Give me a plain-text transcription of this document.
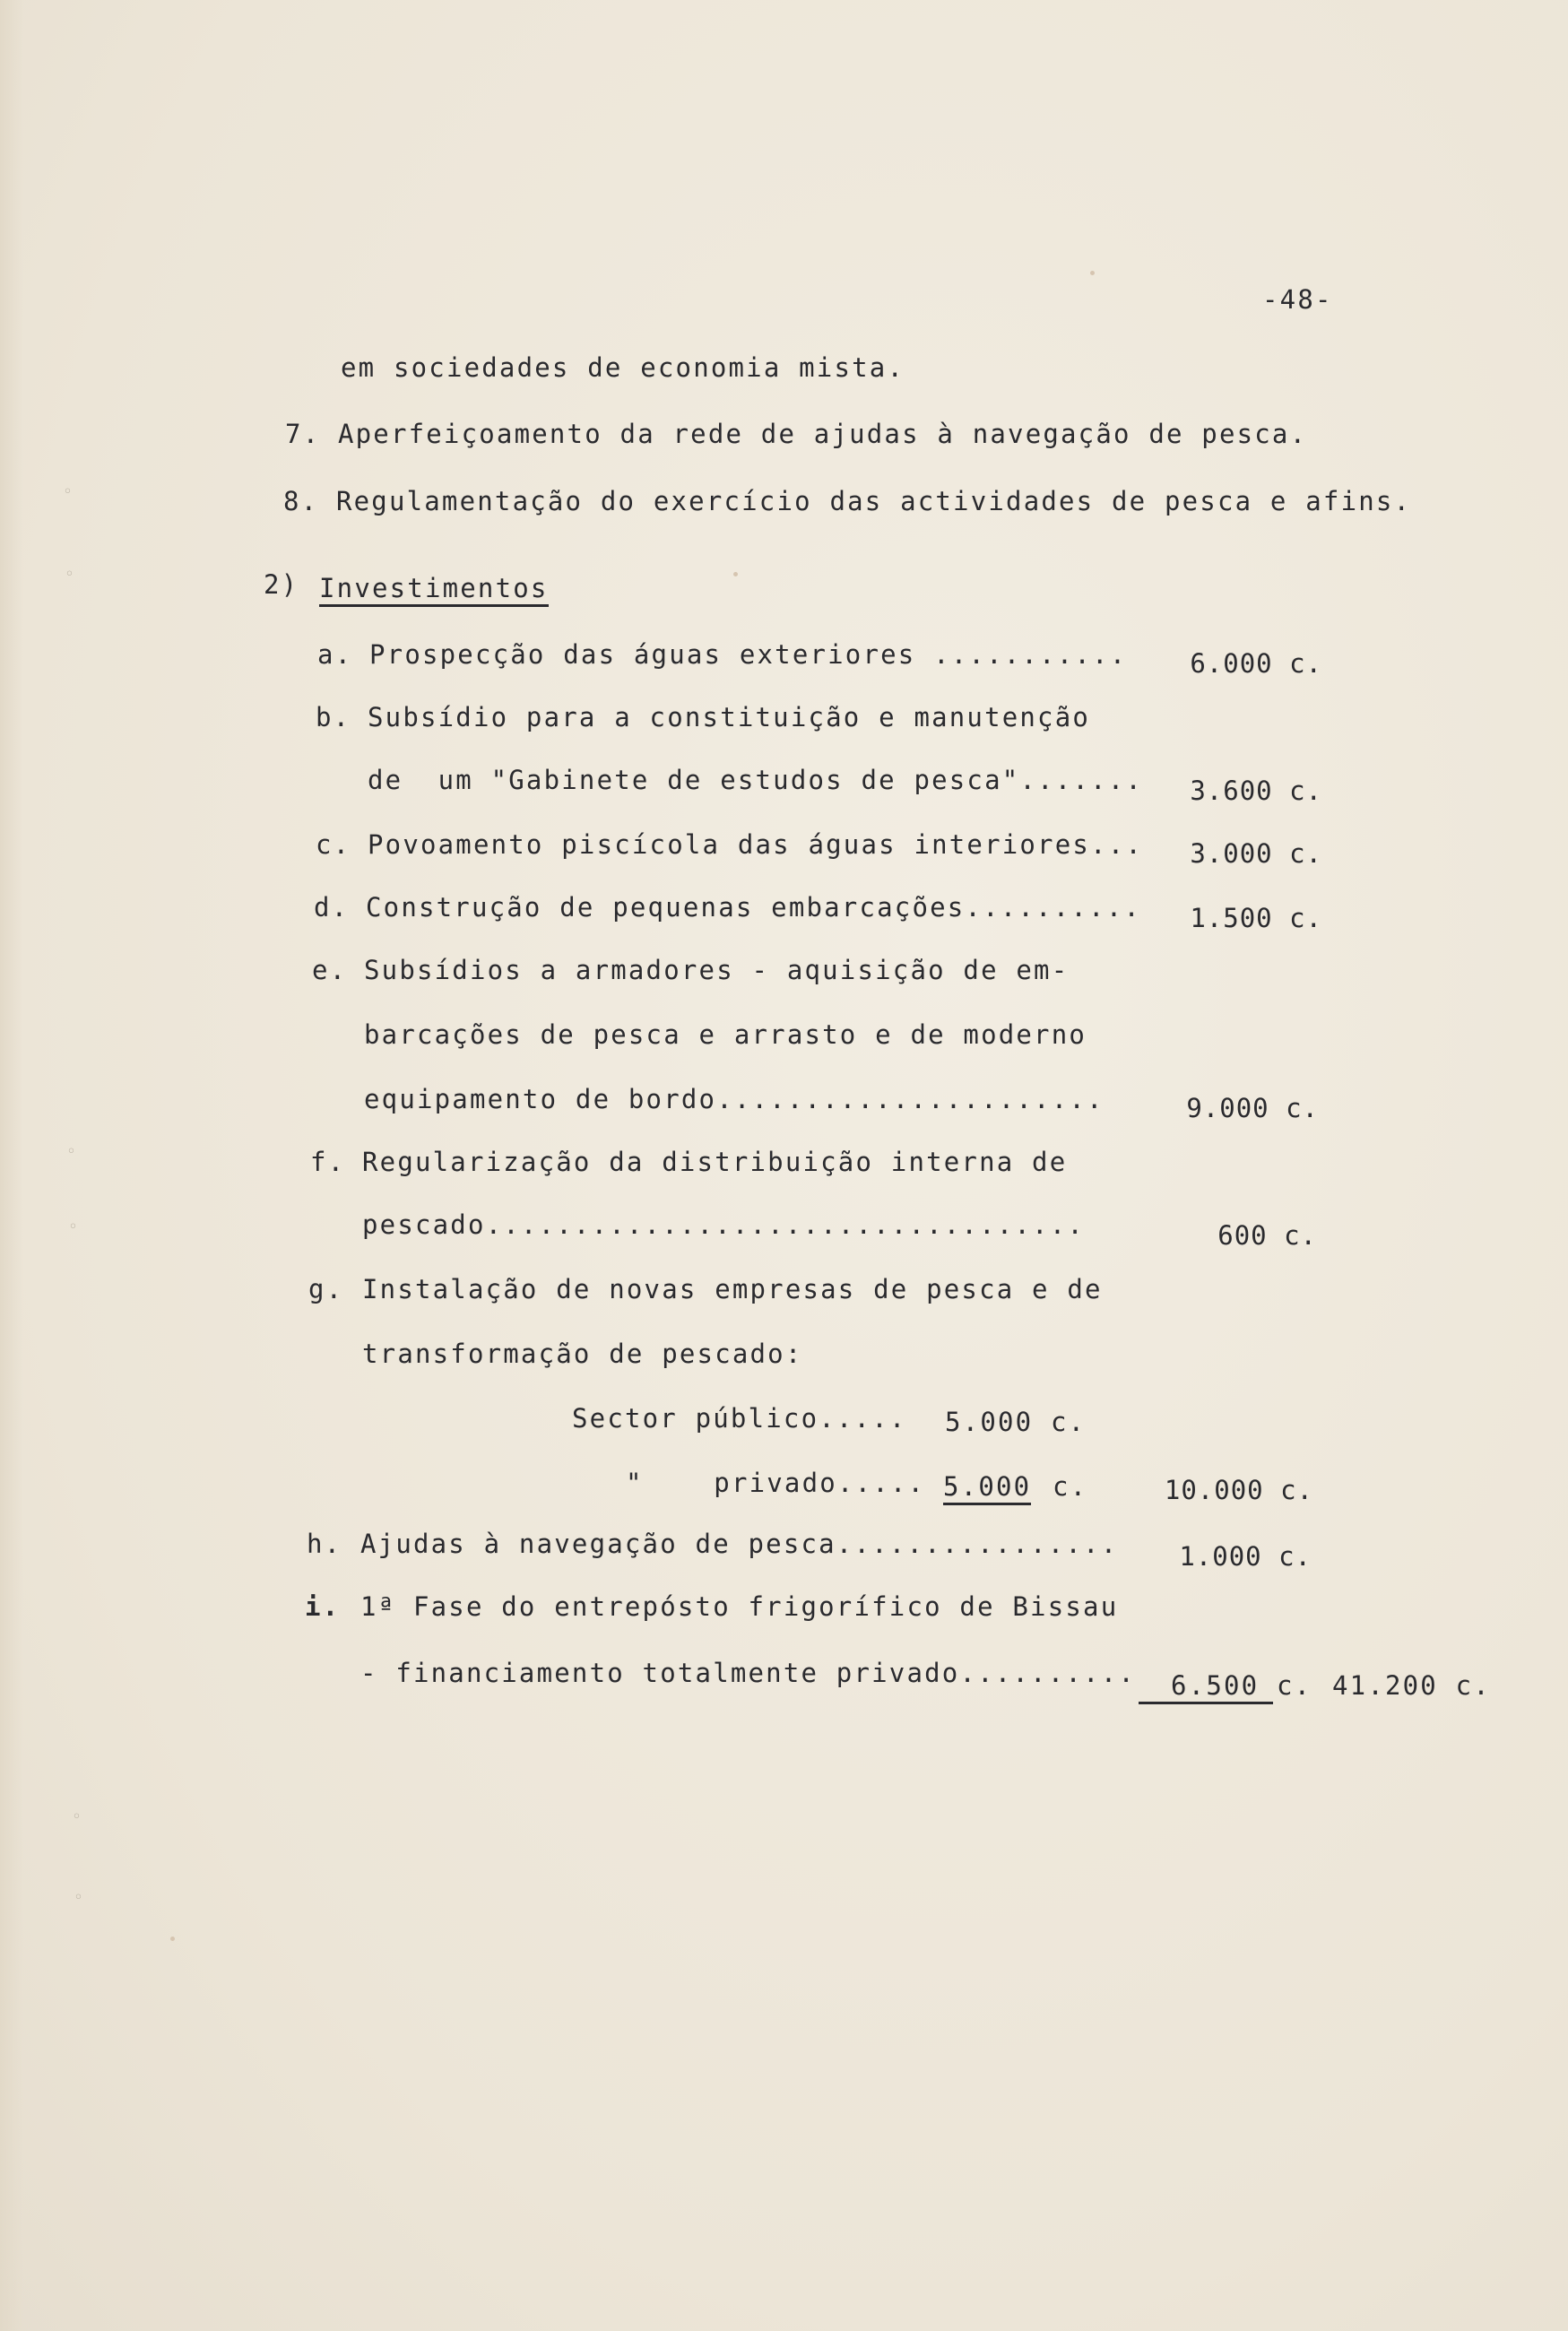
◦
◦
◦
◦
◦
◦
-48-
em sociedades de economia mista.
7. Aperfeiçoamento da rede de ajudas à navegação de pesca.
8. Regulamentação do exercício das actividades de pesca e afins.
2) Investimentos
a. Prospecção das águas exteriores ........... 6.000 c.
b. Subsídio para a constituição e manutenção
de  um "Gabinete de estudos de pesca"....... 3.600 c.
c. Povoamento piscícola das águas interiores... 3.000 c.
d. Construção de pequenas embarcações.......... 1.500 c.
e. Subsídios a armadores - aquisição de em-
barcações de pesca e arrasto e de moderno
equipamento de bordo......................	9.000 c.
f. Regularização da distribuição interna de
pescado..................................	600 c.
g. Instalação de novas empresas de pesca e de
transformação de pescado:
Sector público..... 5.000 c.
"    privado..... 5.000 c.	10.000 c.
h. Ajudas à navegação de pesca................ 1.000 c.
i. 1ª Fase do entrepósto frigorífico de Bissau
- financiamento totalmente privado..........	6.500 c. 41.200 c.
